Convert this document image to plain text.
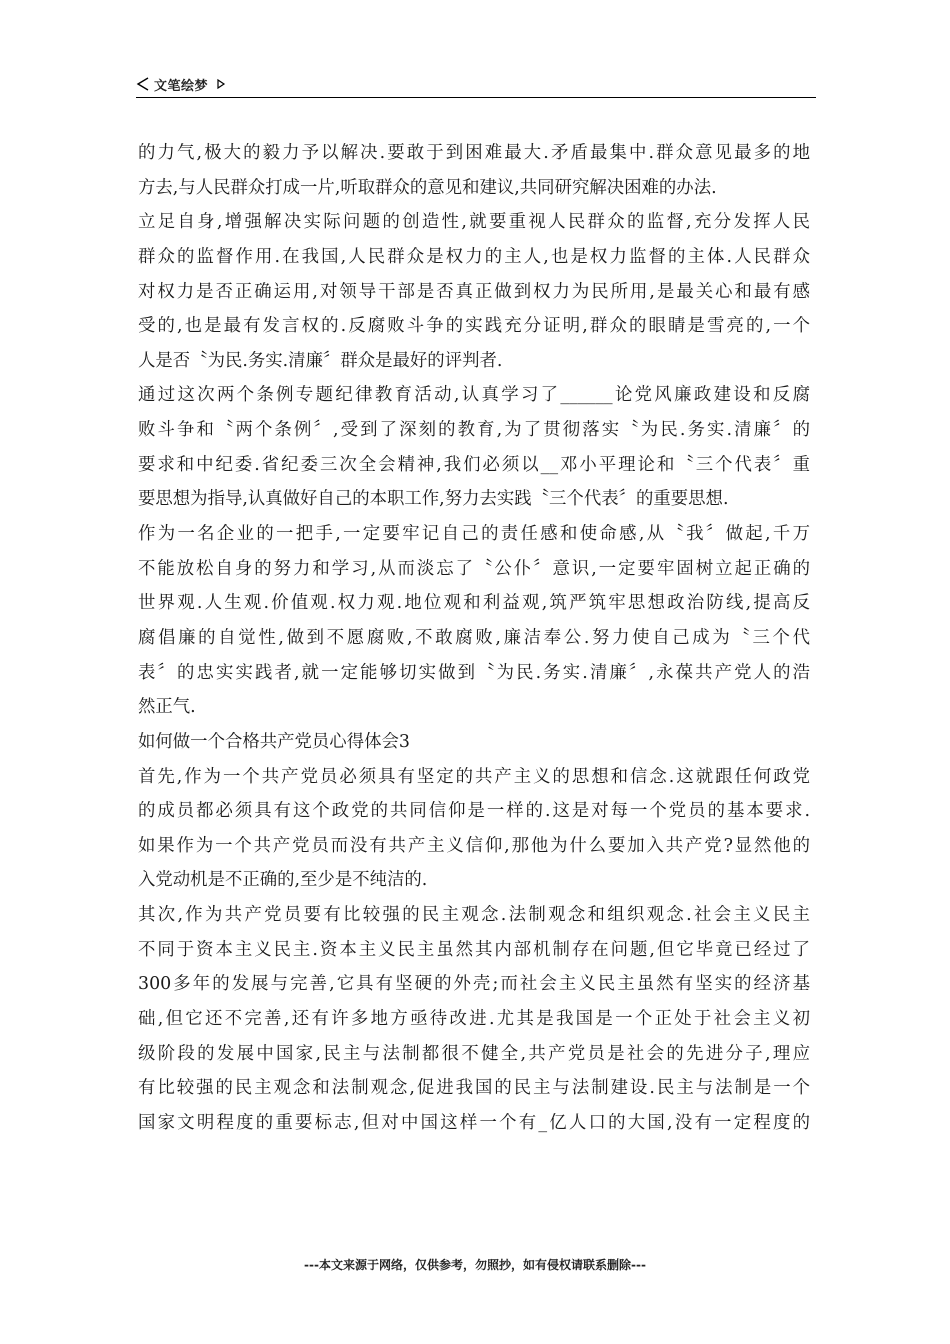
文笔绘梦
的力气,极大的毅力予以解决.要敢于到困难最大.矛盾最集中.群众意见最多的地
方去,与人民群众打成一片,听取群众的意见和建议,共同研究解决困难的办法.
立足自身,增强解决实际问题的创造性,就要重视人民群众的监督,充分发挥人民
群众的监督作用.在我国,人民群众是权力的主人,也是权力监督的主体.人民群众
对权力是否正确运用,对领导干部是否真正做到权力为民所用,是最关心和最有感
受的,也是最有发言权的.反腐败斗争的实践充分证明,群众的眼睛是雪亮的,一个
人是否〝为民.务实.清廉〞群众是最好的评判者.
通过这次两个条例专题纪律教育活动,认真学习了______论党风廉政建设和反腐
败斗争和〝两个条例〞,受到了深刻的教育,为了贯彻落实〝为民.务实.清廉〞的
要求和中纪委.省纪委三次全会精神,我们必须以__邓小平理论和〝三个代表〞重
要思想为指导,认真做好自己的本职工作,努力去实践〝三个代表〞的重要思想.
作为一名企业的一把手,一定要牢记自己的责任感和使命感,从〝我〞做起,千万
不能放松自身的努力和学习,从而淡忘了〝公仆〞意识,一定要牢固树立起正确的
世界观.人生观.价值观.权力观.地位观和利益观,筑严筑牢思想政治防线,提高反
腐倡廉的自觉性,做到不愿腐败,不敢腐败,廉洁奉公.努力使自己成为〝三个代
表〞的忠实实践者,就一定能够切实做到〝为民.务实.清廉〞,永葆共产党人的浩
然正气.
如何做一个合格共产党员心得体会3
首先,作为一个共产党员必须具有坚定的共产主义的思想和信念.这就跟任何政党
的成员都必须具有这个政党的共同信仰是一样的.这是对每一个党员的基本要求.
如果作为一个共产党员而没有共产主义信仰,那他为什么要加入共产党?显然他的
入党动机是不正确的,至少是不纯洁的.
其次,作为共产党员要有比较强的民主观念.法制观念和组织观念.社会主义民主
不同于资本主义民主.资本主义民主虽然其内部机制存在问题,但它毕竟已经过了
300多年的发展与完善,它具有坚硬的外壳;而社会主义民主虽然有坚实的经济基
础,但它还不完善,还有许多地方亟待改进.尤其是我国是一个正处于社会主义初
级阶段的发展中国家,民主与法制都很不健全,共产党员是社会的先进分子,理应
有比较强的民主观念和法制观念,促进我国的民主与法制建设.民主与法制是一个
国家文明程度的重要标志,但对中国这样一个有_亿人口的大国,没有一定程度的
---本文来源于网络，仅供参考，勿照抄，如有侵权请联系删除---
